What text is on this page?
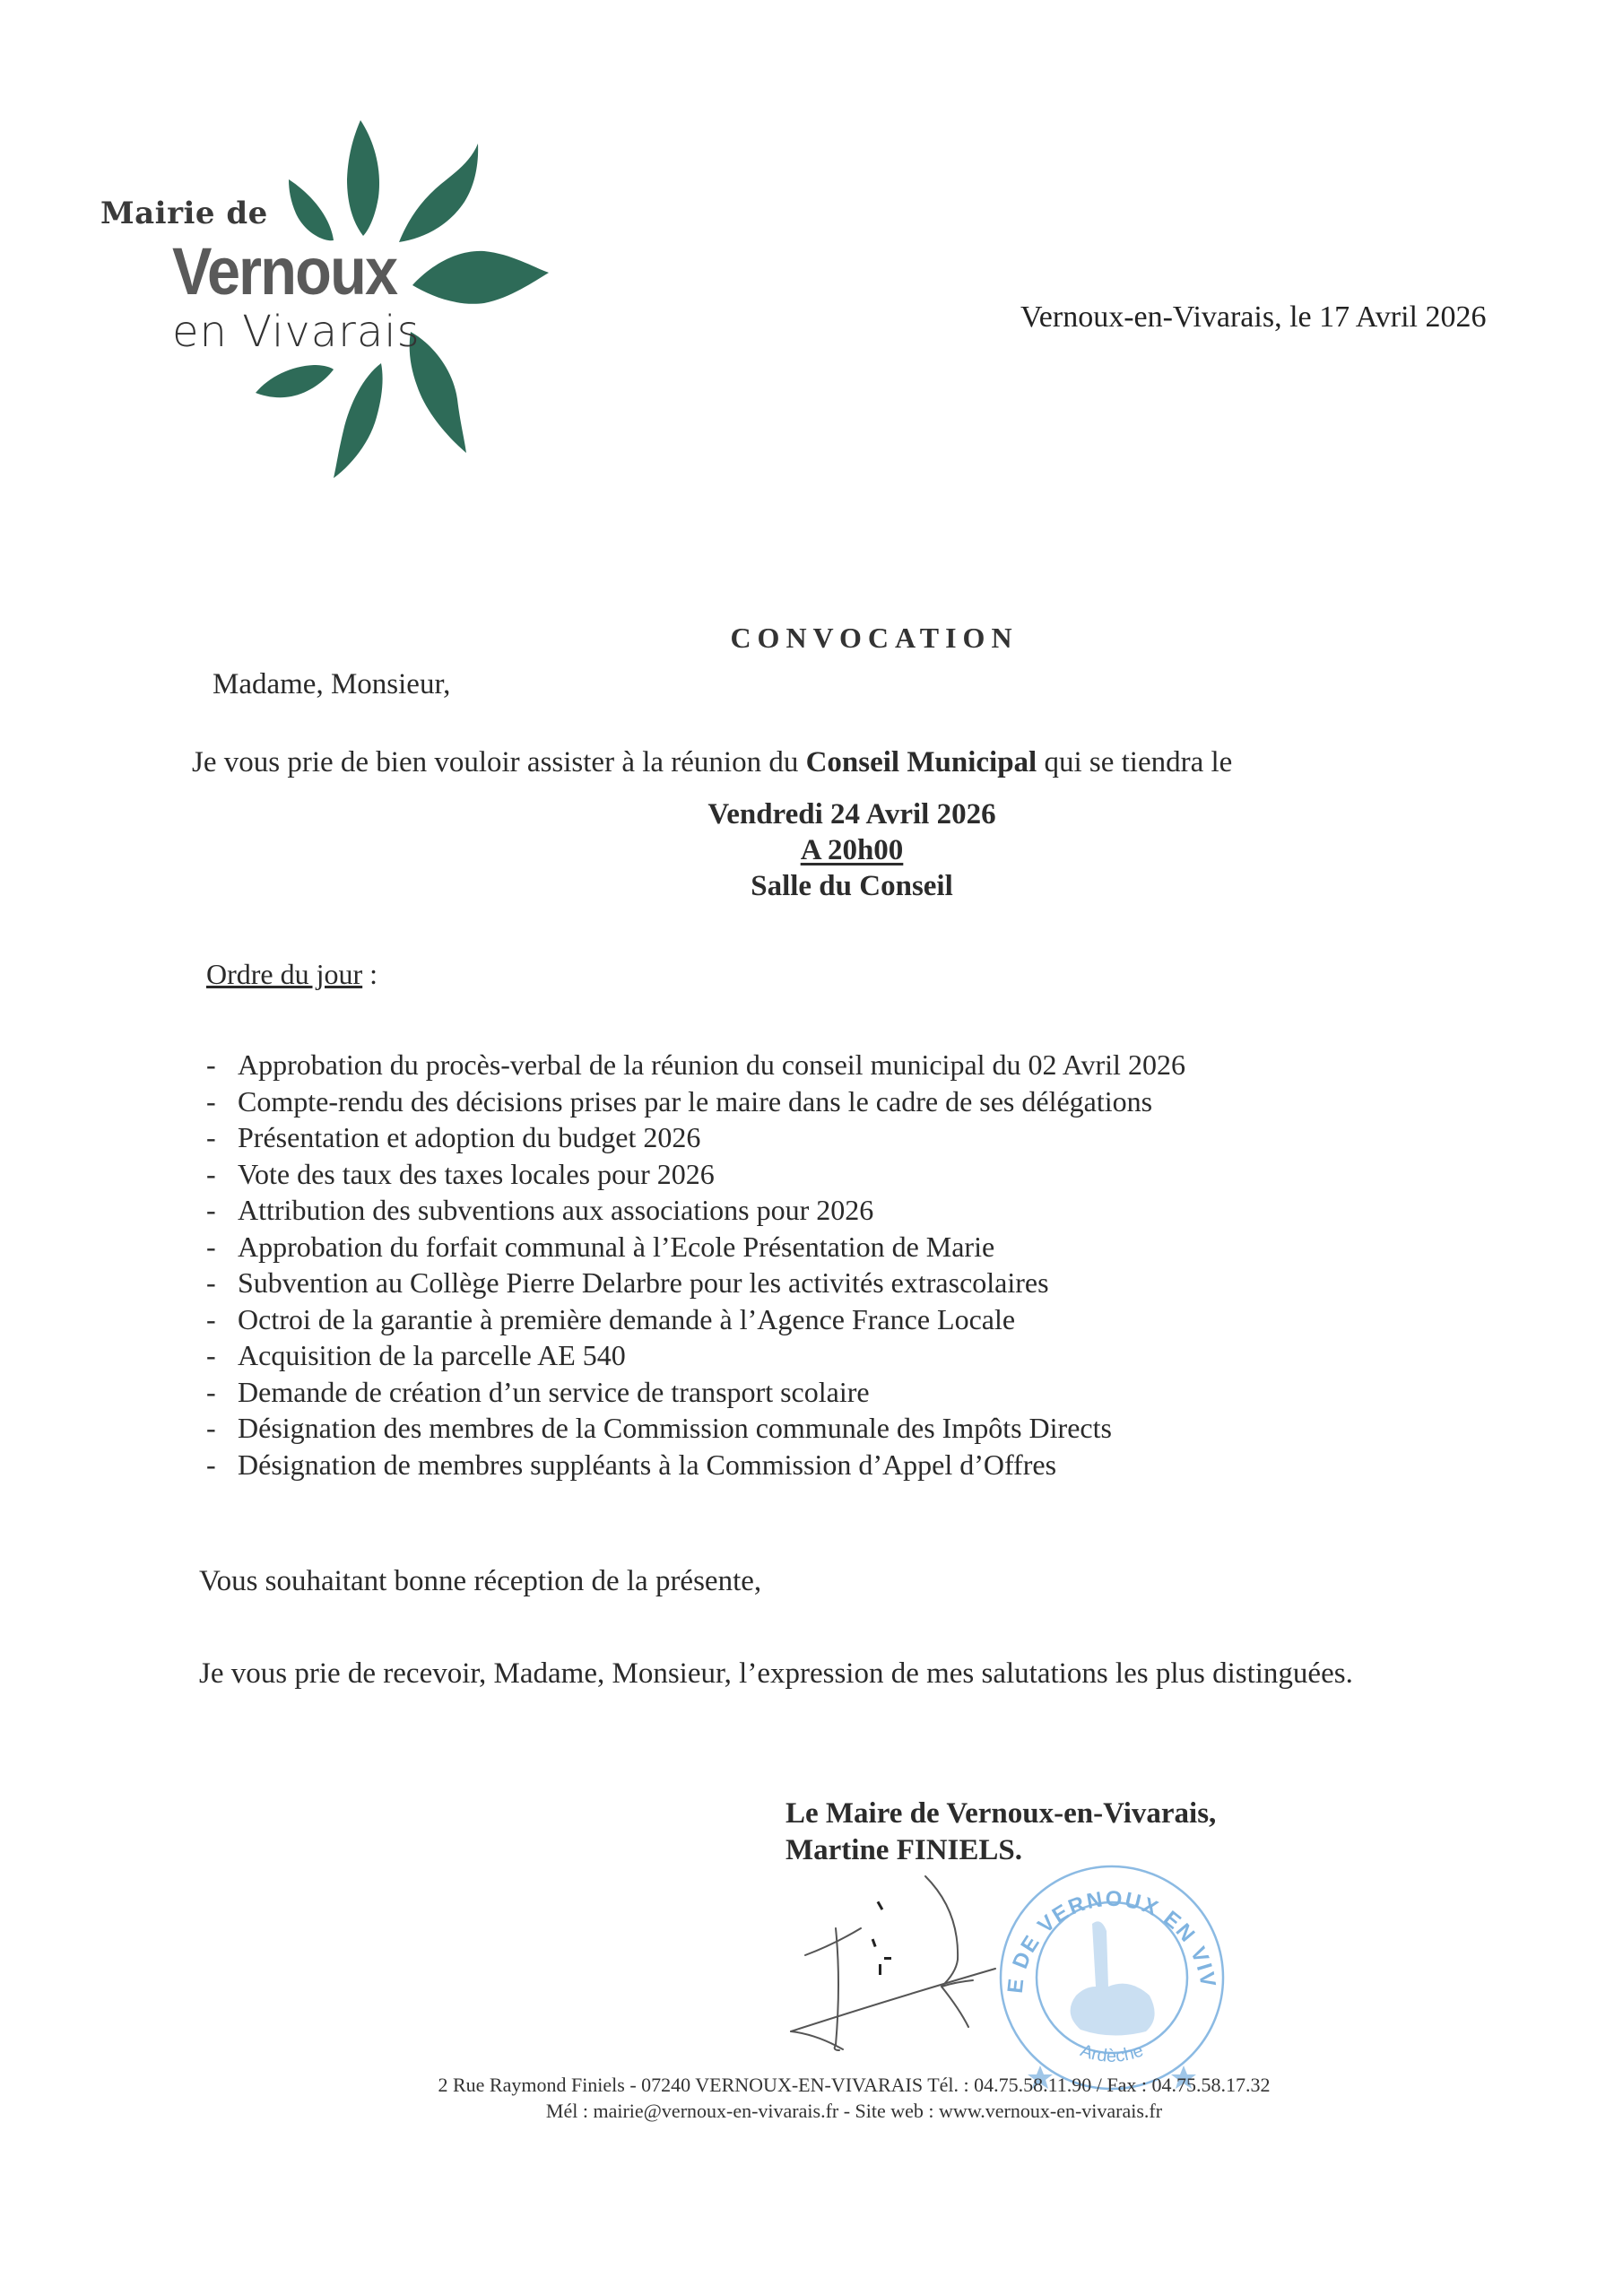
Mairie de
Vernoux
en Vivarais	Vernoux-en-Vivarais, le 17 Avril 2026
CONVOCATION
Madame, Monsieur,
Je vous prie de bien vouloir assister à la réunion du Conseil Municipal qui se tiendra le
Vendredi 24 Avril 2026
A 20h00
Salle du Conseil
Ordre du jour :
- Approbation du procès-verbal de la réunion du conseil municipal du 02 Avril 2026
- Compte-rendu des décisions prises par le maire dans le cadre de ses délégations
- Présentation et adoption du budget 2026
- Vote des taux des taxes locales pour 2026
- Attribution des subventions aux associations pour 2026
- Approbation du forfait communal à l’Ecole Présentation de Marie
- Subvention au Collège Pierre Delarbre pour les activités extrascolaires
- Octroi de la garantie à première demande à l’Agence France Locale
- Acquisition de la parcelle AE 540
- Demande de création d’un service de transport scolaire
- Désignation des membres de la Commission communale des Impôts Directs
- Désignation de membres suppléants à la Commission d’Appel d’Offres
Vous souhaitant bonne réception de la présente,
Je vous prie de recevoir, Madame, Monsieur, l’expression de mes salutations les plus distinguées.
Le Maire de Vernoux-en-Vivarais,
Martine FINIELS.
E DE VERNOUX EN VIV
Ardèche
2 Rue Raymond Finiels - 07240 VERNOUX-EN-VIVARAIS Tél. : 04.75.58.11.90 / Fax : 04.75.58.17.32
Mél : mairie@vernoux-en-vivarais.fr - Site web : www.vernoux-en-vivarais.fr
